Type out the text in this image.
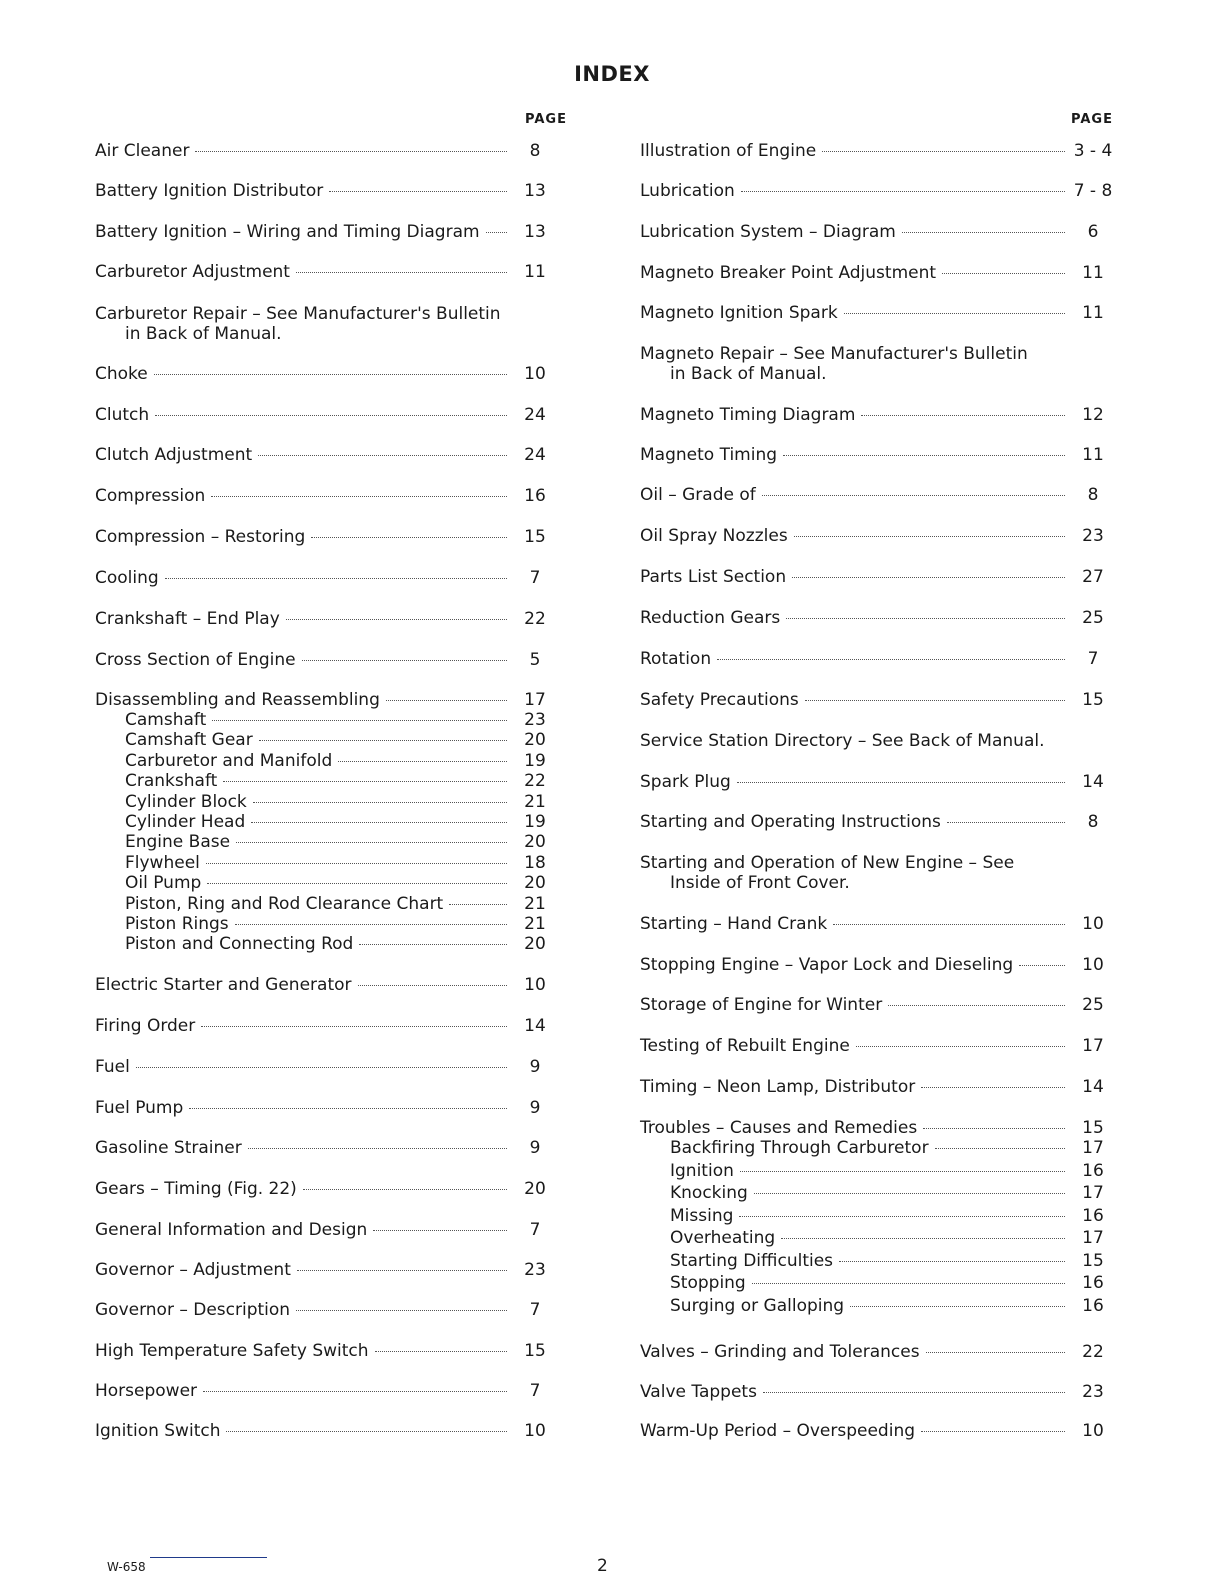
INDEX
PAGE
Air Cleaner	8
Battery Ignition Distributor	13
Battery Ignition – Wiring and Timing Diagram	13
Carburetor Adjustment	11
Carburetor Repair – See Manufacturer's Bulletin
in Back of Manual.
Choke	10
Clutch	24
Clutch Adjustment	24
Compression	16
Compression – Restoring	15
Cooling	7
Crankshaft – End Play	22
Cross Section of Engine	5
Disassembling and Reassembling	17
Camshaft	23
Camshaft Gear	20
Carburetor and Manifold	19
Crankshaft	22
Cylinder Block	21
Cylinder Head	19
Engine Base	20
Flywheel	18
Oil Pump	20
Piston, Ring and Rod Clearance Chart	21
Piston Rings	21
Piston and Connecting Rod	20
Electric Starter and Generator	10
Firing Order	14
Fuel	9
Fuel Pump	9
Gasoline Strainer	9
Gears – Timing (Fig. 22)	20
General Information and Design	7
Governor – Adjustment	23
Governor – Description	7
High Temperature Safety Switch	15
Horsepower	7
Ignition Switch	10
PAGE
Illustration of Engine	3 - 4
Lubrication	7 - 8
Lubrication System – Diagram	6
Magneto Breaker Point Adjustment	11
Magneto Ignition Spark	11
Magneto Repair – See Manufacturer's Bulletin
in Back of Manual.
Magneto Timing Diagram	12
Magneto Timing	11
Oil – Grade of	8
Oil Spray Nozzles	23
Parts List Section	27
Reduction Gears	25
Rotation	7
Safety Precautions	15
Service Station Directory – See Back of Manual.
Spark Plug	14
Starting and Operating Instructions	8
Starting and Operation of New Engine – See
Inside of Front Cover.
Starting – Hand Crank	10
Stopping Engine – Vapor Lock and Dieseling	10
Storage of Engine for Winter	25
Testing of Rebuilt Engine	17
Timing – Neon Lamp, Distributor	14
Troubles – Causes and Remedies	15
Backfiring Through Carburetor	17
Ignition	16
Knocking	17
Missing	16
Overheating	17
Starting Difficulties	15
Stopping	16
Surging or Galloping	16
Valves – Grinding and Tolerances	22
Valve Tappets	23
Warm-Up Period – Overspeeding	10
W-658	2
